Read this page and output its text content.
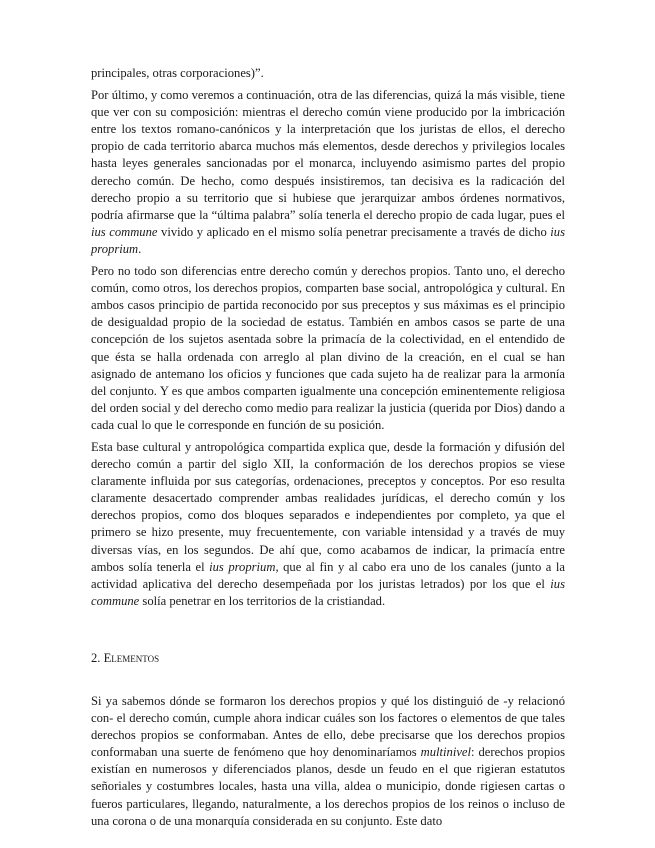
principales, otras corporaciones)”.

Por último, y como veremos a continuación, otra de las diferencias, quizá la más visible, tiene que ver con su composición: mientras el derecho común viene producido por la imbricación entre los textos romano-canónicos y la interpretación que los juristas de ellos, el derecho propio de cada territorio abarca muchos más elementos, desde derechos y privilegios locales hasta leyes generales sancionadas por el monarca, incluyendo asimismo partes del propio derecho común. De hecho, como después insistiremos, tan decisiva es la radicación del derecho propio a su territorio que si hubiese que jerarquizar ambos órdenes normativos, podría afirmarse que la “última palabra” solía tenerla el derecho propio de cada lugar, pues el ius commune vivido y aplicado en el mismo solía penetrar precisamente a través de dicho ius proprium.

Pero no todo son diferencias entre derecho común y derechos propios. Tanto uno, el derecho común, como otros, los derechos propios, comparten base social, antropológica y cultural. En ambos casos principio de partida reconocido por sus preceptos y sus máximas es el principio de desigualdad propio de la sociedad de estatus. También en ambos casos se parte de una concepción de los sujetos asentada sobre la primacía de la colectividad, en el entendido de que ésta se halla ordenada con arreglo al plan divino de la creación, en el cual se han asignado de antemano los oficios y funciones que cada sujeto ha de realizar para la armonía del conjunto. Y es que ambos comparten igualmente una concepción eminentemente religiosa del orden social y del derecho como medio para realizar la justicia (querida por Dios) dando a cada cual lo que le corresponde en función de su posición.

Esta base cultural y antropológica compartida explica que, desde la formación y difusión del derecho común a partir del siglo XII, la conformación de los derechos propios se viese claramente influida por sus categorías, ordenaciones, preceptos y conceptos. Por eso resulta claramente desacertado comprender ambas realidades jurídicas, el derecho común y los derechos propios, como dos bloques separados e independientes por completo, ya que el primero se hizo presente, muy frecuentemente, con variable intensidad y a través de muy diversas vías, en los segundos. De ahí que, como acabamos de indicar, la primacía entre ambos solía tenerla el ius proprium, que al fin y al cabo era uno de los canales (junto a la actividad aplicativa del derecho desempeñada por los juristas letrados) por los que el ius commune solía penetrar en los territorios de la cristiandad.

2. Elementos

Si ya sabemos dónde se formaron los derechos propios y qué los distinguió de -y relacionó con- el derecho común, cumple ahora indicar cuáles son los factores o elementos de que tales derechos propios se conformaban. Antes de ello, debe precisarse que los derechos propios conformaban una suerte de fenómeno que hoy denominaríamos multinivel: derechos propios existían en numerosos y diferenciados planos, desde un feudo en el que rigieran estatutos señoriales y costumbres locales, hasta una villa, aldea o municipio, donde rigiesen cartas o fueros particulares, llegando, naturalmente, a los derechos propios de los reinos o incluso de una corona o de una monarquía considerada en su conjunto. Este dato
